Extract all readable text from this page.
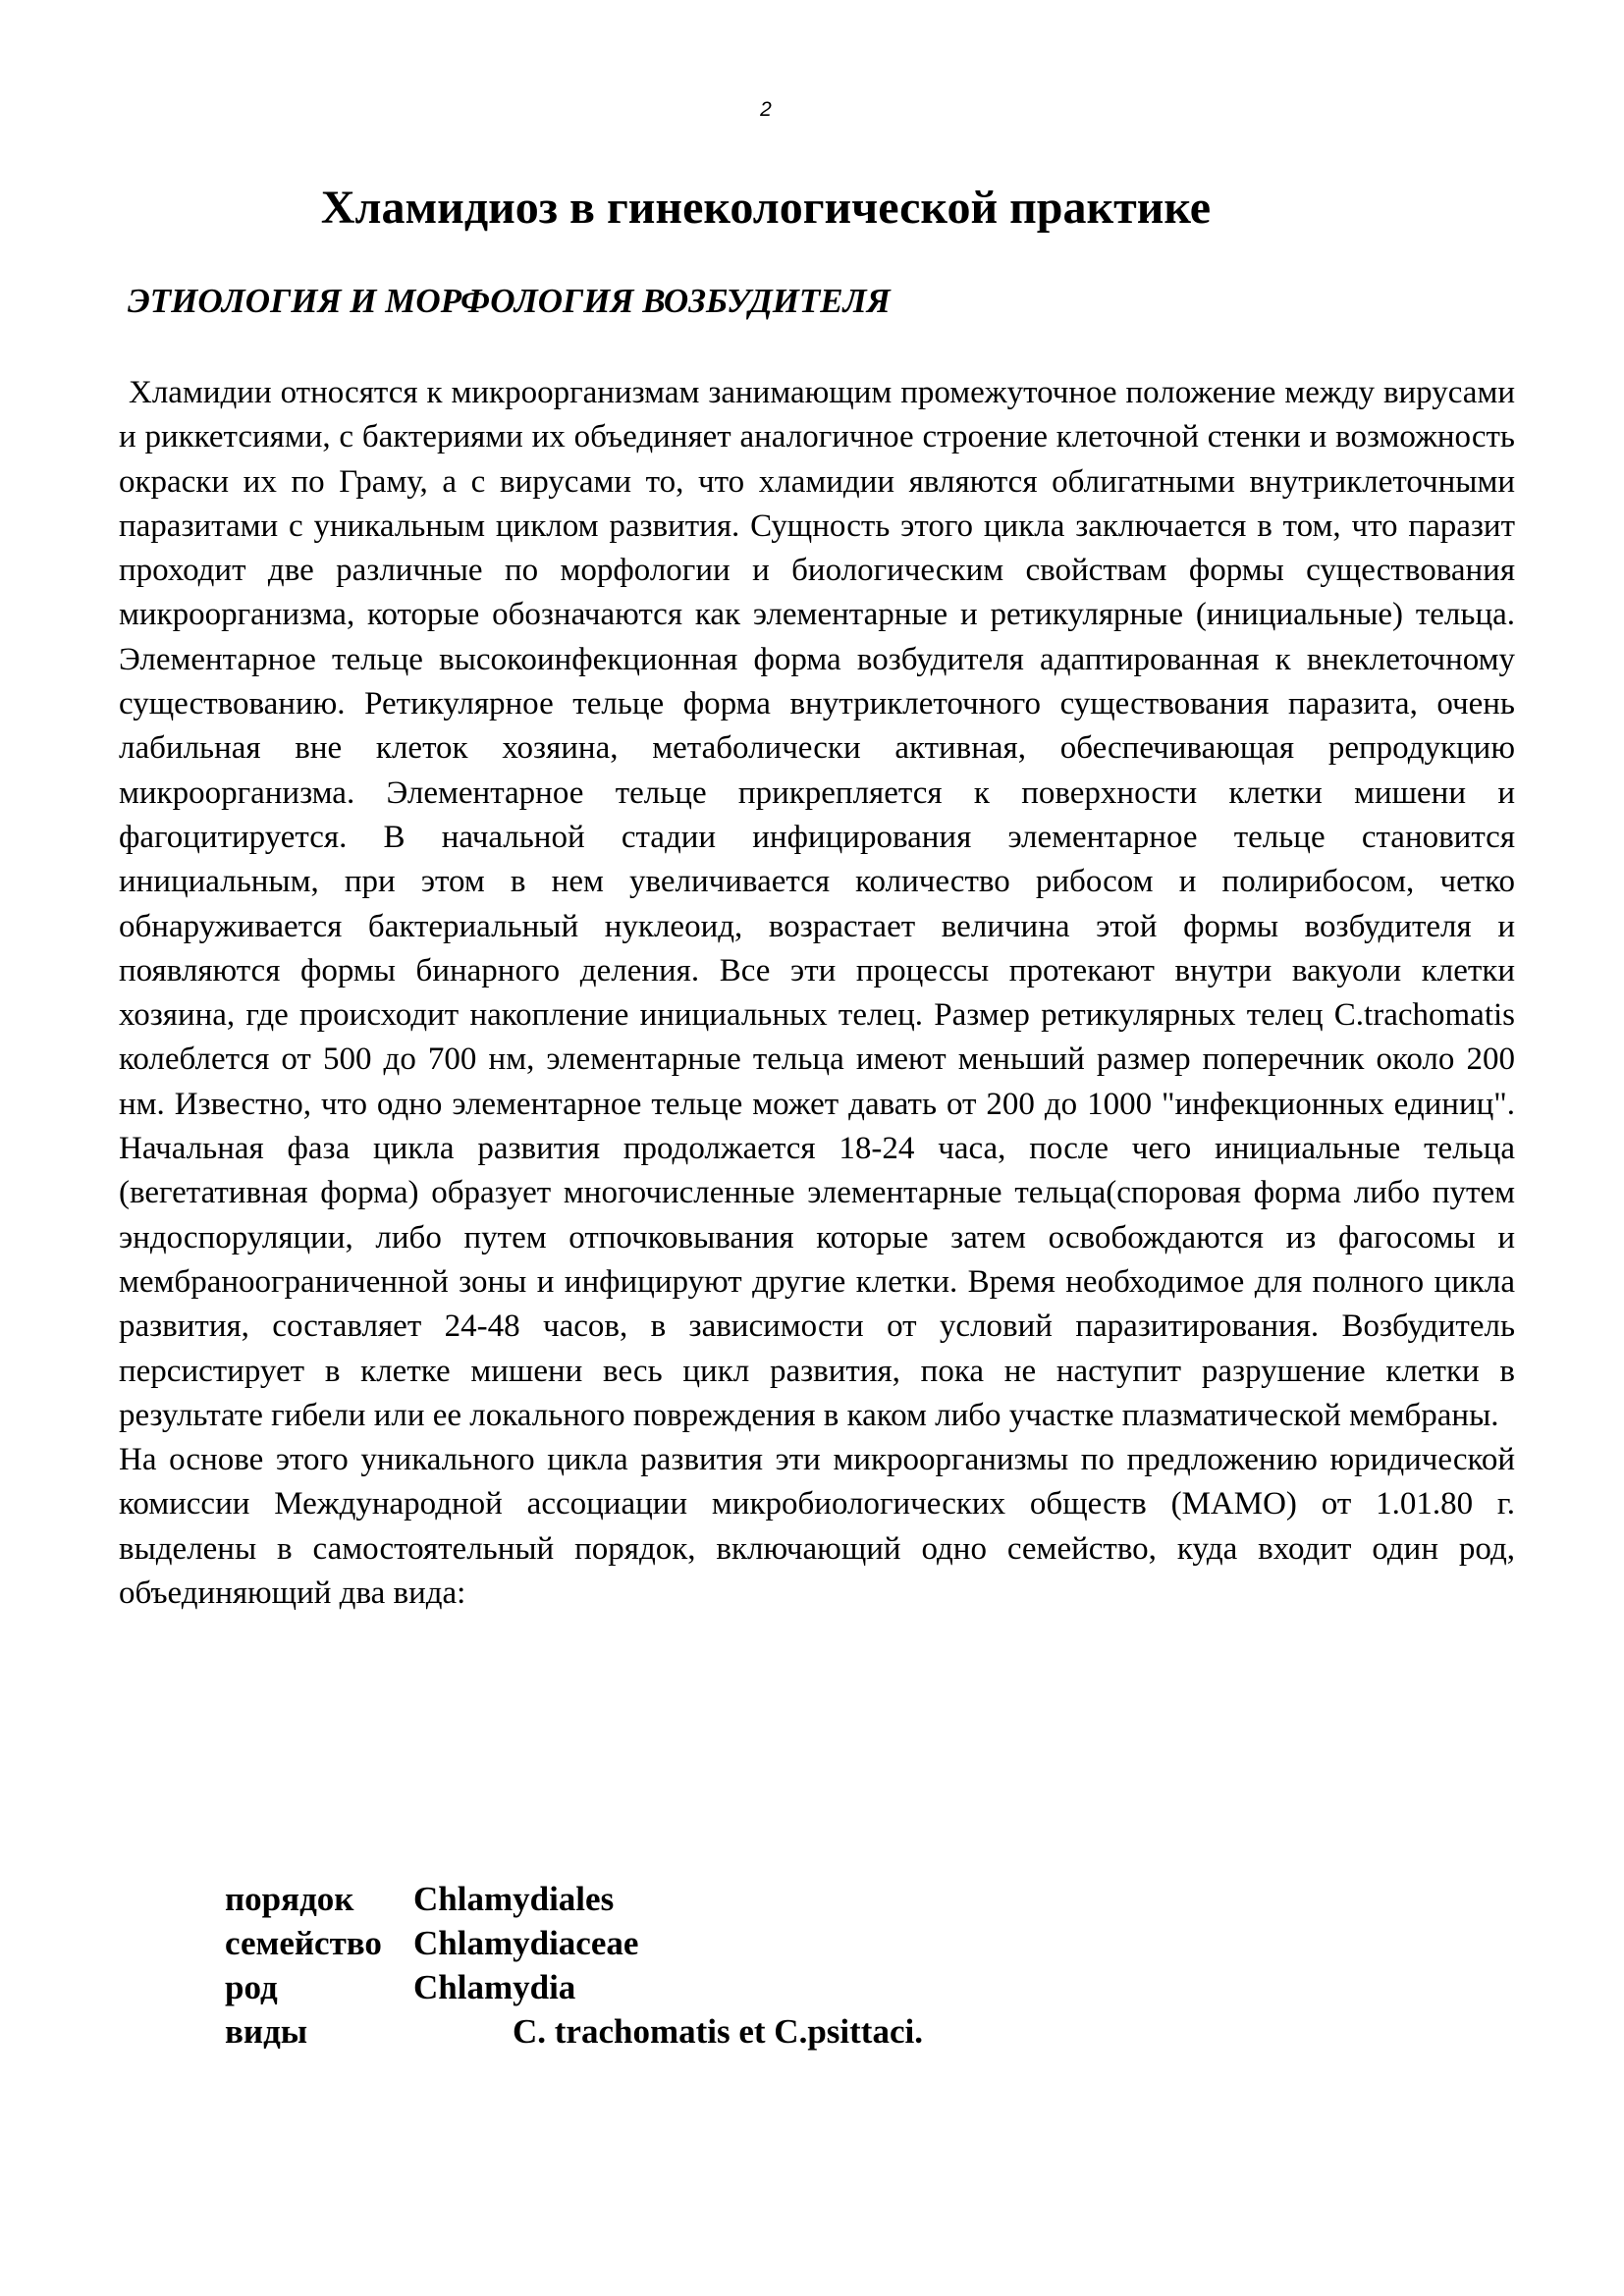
2
Хламидиоз в гинекологической практике
ЭТИОЛОГИЯ И МОРФОЛОГИЯ ВОЗБУДИТЕЛЯ

Хламидии относятся к микроорганизмам занимающим промежуточное положение между вирусами и риккетсиями, с бактериями их объединяет аналогичное строение клеточной стенки и возможность окраски их по Граму, а с вирусами то, что хламидии являются облигатными внутриклеточными паразитами с уникальным циклом развития. Сущность этого цикла заключается в том, что паразит проходит две различные по морфологии и биологическим свойствам формы существования микроорганизма, которые обозначаются как элементарные и ретикулярные (инициальные) тельца. Элементарное тельце высокоинфекционная форма возбудителя адаптированная к внеклеточному существованию. Ретикулярное тельце форма внутриклеточного существования паразита, очень лабильная вне клеток хозяина, метаболически активная, обеспечивающая репродукцию микроорганизма. Элементарное тельце прикрепляется к поверхности клетки мишени и фагоцитируется. В начальной стадии инфицирования элементарное тельце становится инициальным, при этом в нем увеличивается количество рибосом и полирибосом, четко обнаруживается бактериальный нуклеоид, возрастает величина этой формы возбудителя и появляются формы бинарного деления. Все эти процессы протекают внутри вакуоли клетки хозяина, где происходит накопление инициальных телец. Размер ретикулярных телец C.trachomatis колеблется от 500 до 700 нм, элементарные тельца имеют меньший размер поперечник около 200 нм. Известно, что одно элементарное тельце может давать от 200 до 1000 "инфекционных единиц". Начальная фаза цикла развития продолжается 18-24 часа, после чего инициальные тельца (вегетативная форма) образует многочисленные элементарные тельца(споровая форма либо путем эндоспоруляции, либо путем отпочковывания которые затем освобождаются из фагосомы и мембраноограниченной зоны и инфицируют другие клетки. Время необходимое для полного цикла развития, составляет 24-48 часов, в зависимости от условий паразитирования. Возбудитель персистирует в клетке мишени весь цикл развития, пока не наступит разрушение клетки в результате гибели или ее локального повреждения в каком либо участке плазматической мембраны.

На основе этого уникального цикла развития эти микроорганизмы по предложению юридической комиссии Международной ассоциации микробиологических обществ (МАМО) от 1.01.80 г. выделены в самостоятельный порядок, включающий одно семейство, куда входит один род, объединяющий два вида:

порядок	Chlamydiales
семейство Chlamydiaceae
род	Chlamydia
виды	C. trachomatis et C.psittaci.
